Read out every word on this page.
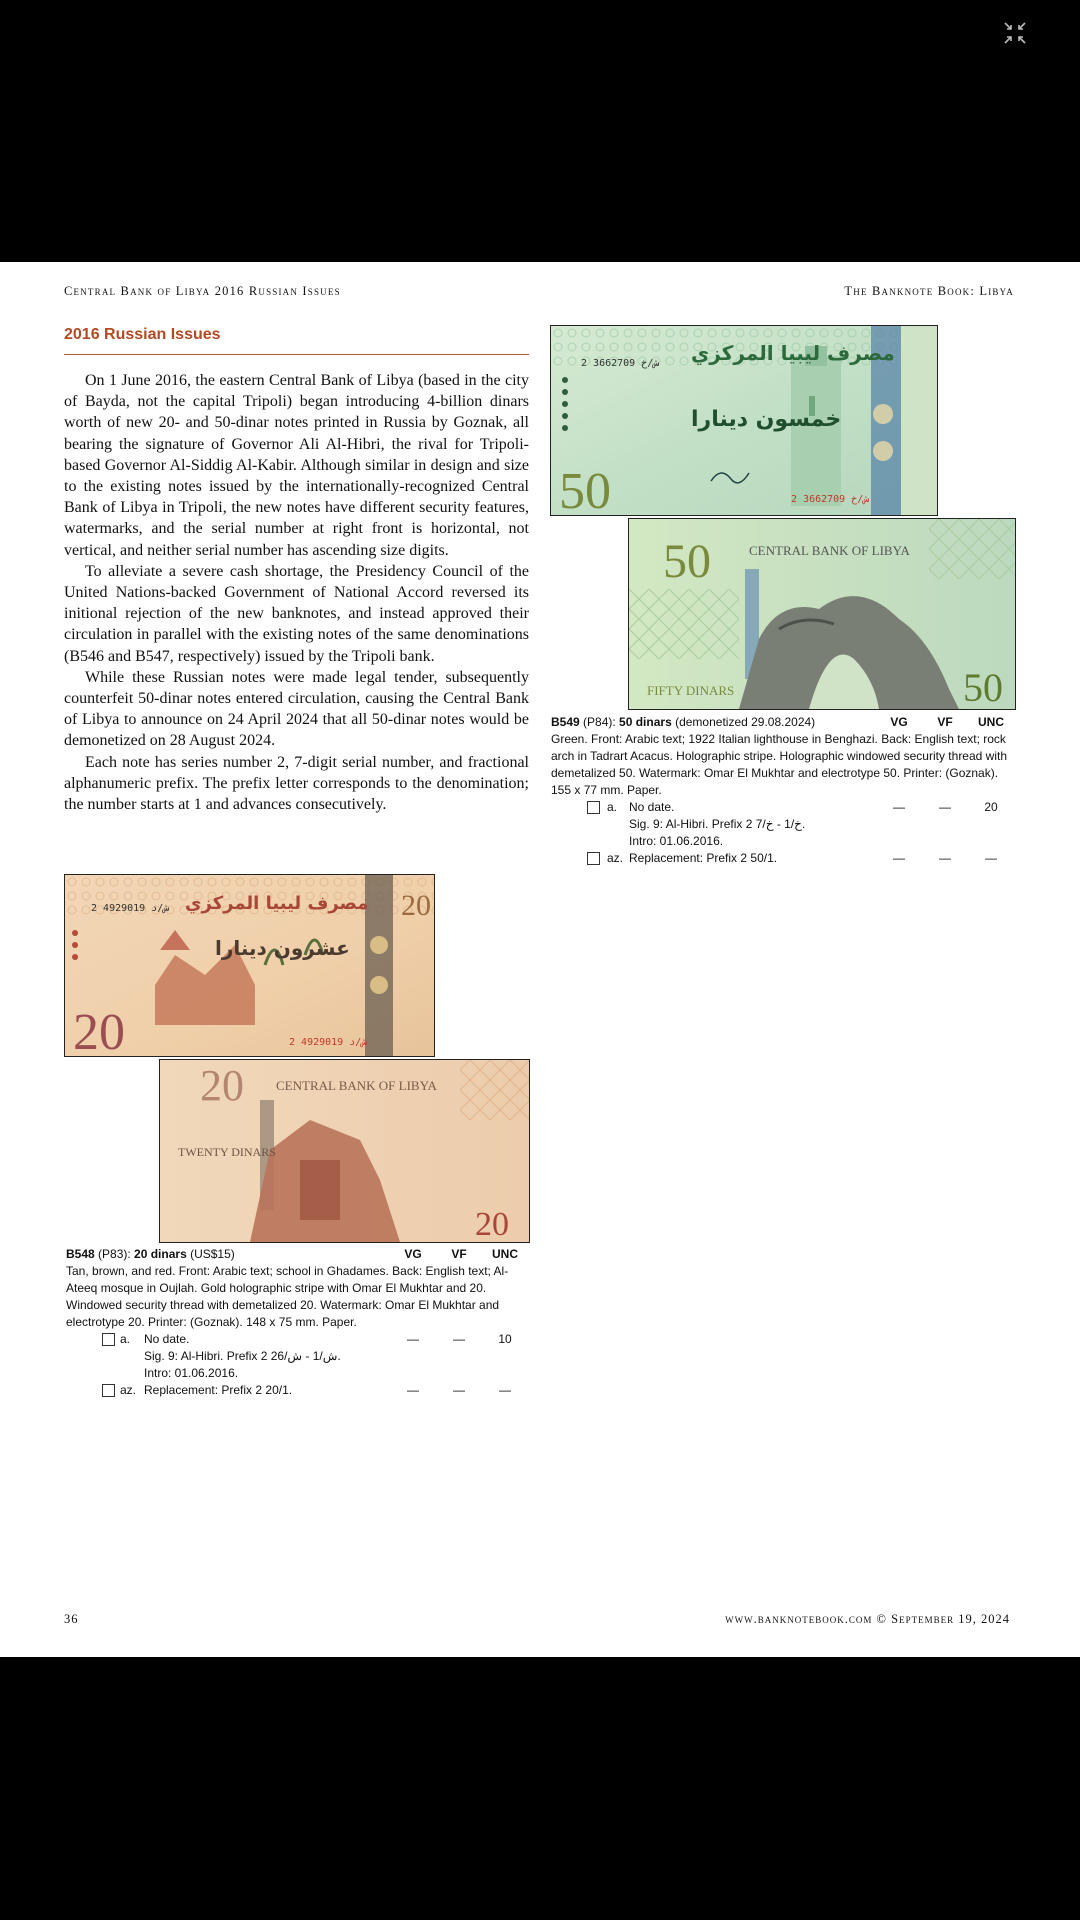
Central Bank of Libya 2016 Russian Issues	The Banknote Book: Libya
2016 Russian Issues

On 1 June 2016, the eastern Central Bank of Libya (based in the city of Bayda, not the capital Tripoli) began introducing 4-billion dinars worth of new 20- and 50-dinar notes printed in Russia by Goznak, all bearing the signature of Governor Ali Al-Hibri, the rival for Tripoli-based Governor Al-Siddig Al-Kabir. Although similar in design and size to the existing notes issued by the internationally-recognized Central Bank of Libya in Tripoli, the new notes have different security features, watermarks, and the serial number at right front is horizontal, not vertical, and neither serial number has ascending size digits.

To alleviate a severe cash shortage, the Presidency Council of the United Nations-backed Government of National Accord reversed its initional rejection of the new banknotes, and instead approved their circulation in parallel with the existing notes of the same denominations (B546 and B547, respectively) issued by the Tripoli bank.

While these Russian notes were made legal tender, subsequently counterfeit 50-dinar notes entered circulation, causing the Central Bank of Libya to announce on 24 April 2024 that all 50-dinar notes would be demonetized on 28 August 2024.

Each note has series number 2, 7-digit serial number, and fractional alphanumeric prefix. The prefix letter corresponds to the denomination; the number starts at 1 and advances consecutively.

مصرف ليبيا المركزي
خمسون دينارا
2 ش/خ 3662709
2 ش/خ 3662709
50
50	CENTRAL BANK OF LIBYA
FIFTY DINARS	50
مصرف ليبيا المركزي
عشرون دينارا
2 ش/د 4929019
2 ش/د 4929019
20
20
20 CENTRAL BANK OF LIBYA
TWENTY DINARS
20
B549 (P84): 50 dinars (demonetized 29.08.2024)	VG VF UNC

Green. Front: Arabic text; 1922 Italian lighthouse in Benghazi. Back: English text; rock arch in Tadrart Acacus. Holographic stripe. Holographic windowed security thread with demetalized 50. Watermark: Omar El Mukhtar and electrotype 50. Printer: (Goznak). 155 x 77 mm. Paper.

a. No date.	—	—	20
Sig. 9: Al-Hibri. Prefix 2 خ/1 - خ/7.
Intro: 01.06.2016.
az. Replacement: Prefix 2 50/1.	—	—	—
B548 (P83): 20 dinars (US$15)	VG VF UNC

Tan, brown, and red. Front: Arabic text; school in Ghadames. Back: English text; Al-Ateeq mosque in Oujlah. Gold holographic stripe with Omar El Mukhtar and 20. Windowed security thread with demetalized 20. Watermark: Omar El Mukhtar and electrotype 20. Printer: (Goznak). 148 x 75 mm. Paper.

a. No date.	—	—	10
Sig. 9: Al-Hibri. Prefix 2 ش/1 - ش/26.
Intro: 01.06.2016.
az. Replacement: Prefix 2 20/1.	—	—	—
36	www.banknotebook.com © September 19, 2024
